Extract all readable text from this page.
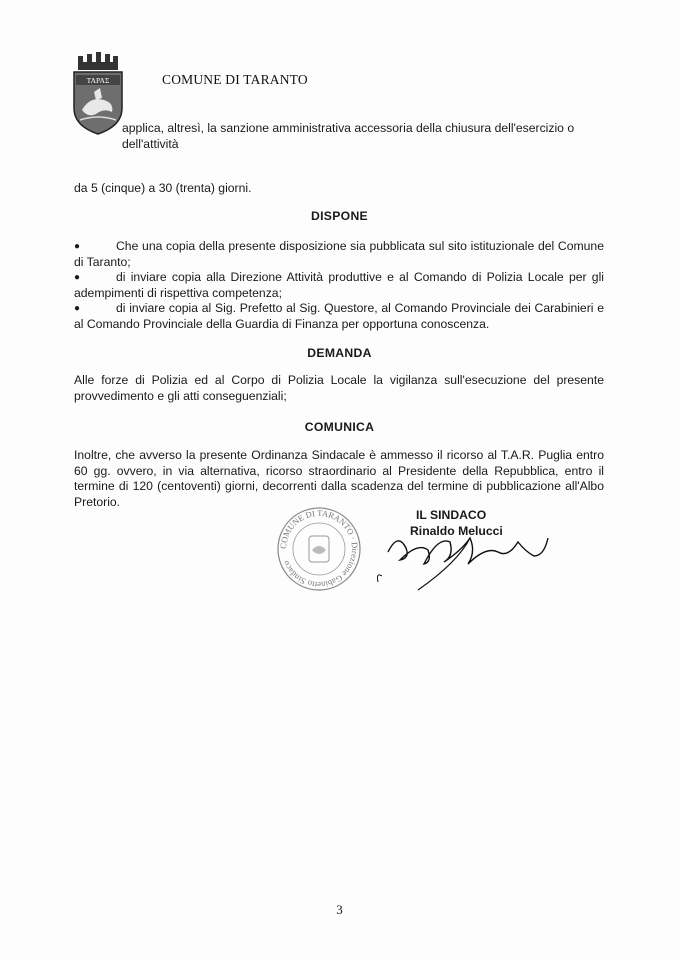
ΤΑΡΑΣ	COMUNE DI TARANTO
applica, altresì, la sanzione amministrativa accessoria della chiusura dell'esercizio o
dell'attività
da 5 (cinque) a 30 (trenta) giorni.
DISPONE
●	Che una copia della presente disposizione sia pubblicata sul sito istituzionale del Comune di Taranto;
●	di inviare copia alla Direzione Attività produttive e al Comando di Polizia Locale per gli adempimenti di rispettiva competenza;
●	di inviare copia al Sig. Prefetto al Sig. Questore, al Comando Provinciale dei Carabinieri e al Comando Provinciale della Guardia di Finanza per opportuna conoscenza.
DEMANDA
Alle forze di Polizia ed al Corpo di Polizia Locale la vigilanza sull'esecuzione del presente provvedimento e gli atti conseguenziali;
COMUNICA
Inoltre, che avverso la presente Ordinanza Sindacale è ammesso il ricorso al T.A.R. Puglia entro 60 gg. ovvero, in via alternativa, ricorso straordinario al Presidente della Repubblica, entro il termine di 120 (centoventi) giorni, decorrenti dalla scadenza del termine di pubblicazione all'Albo Pretorio.
COMUNE DI TARANTO · Direzione Gabinetto Sindaco
IL SINDACO
Rinaldo Melucci
3
